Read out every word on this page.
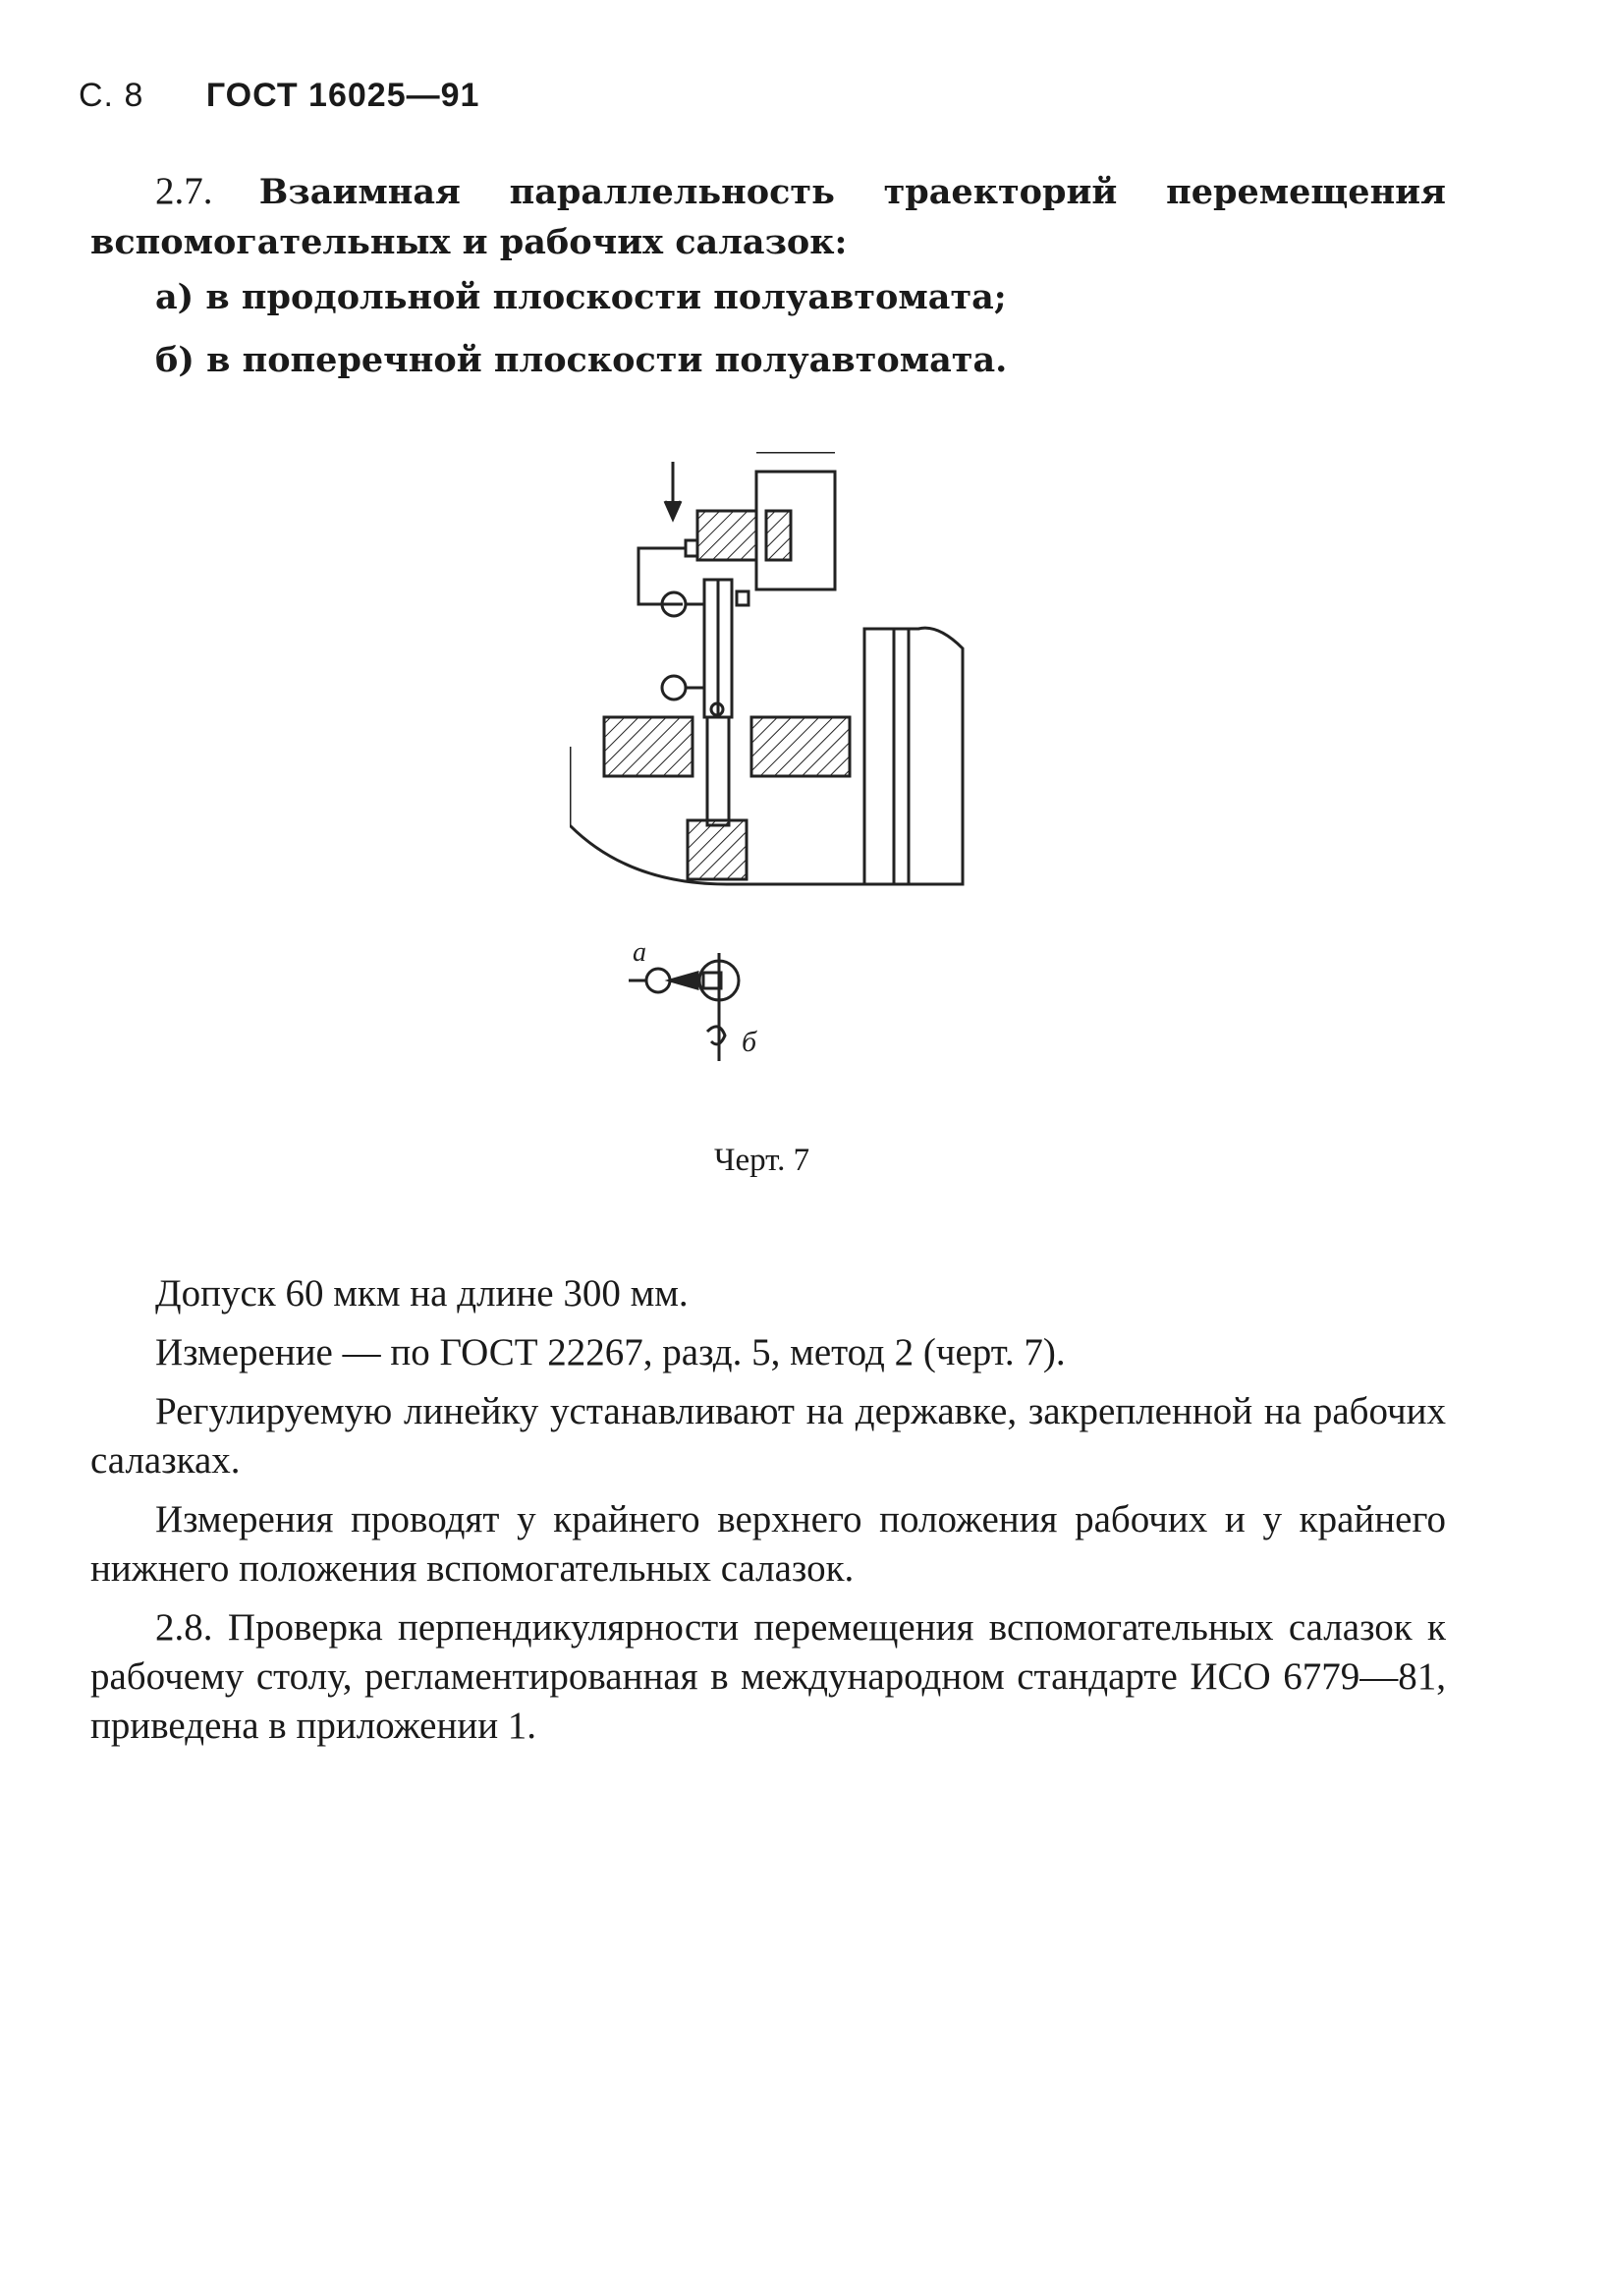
С. 8 ГОСТ 16025—91
2.7. Взаимная параллельность траекторий перемещения вспомогательных и рабочих салазок:
а) в продольной плоскости полуавтомата;
б) в поперечной плоскости полуавтомата.
a
б
Черт. 7
Допуск 60 мкм на длине 300 мм.
Измерение — по ГОСТ 22267, разд. 5, метод 2 (черт. 7).
Регулируемую линейку устанавливают на державке, закрепленной на рабочих салазках.
Измерения проводят у крайнего верхнего положения рабочих и у крайнего нижнего положения вспомогательных салазок.
2.8. Проверка перпендикулярности перемещения вспомогательных салазок к рабочему столу, регламентированная в международном стандарте ИСО 6779—81, приведена в приложении 1.
